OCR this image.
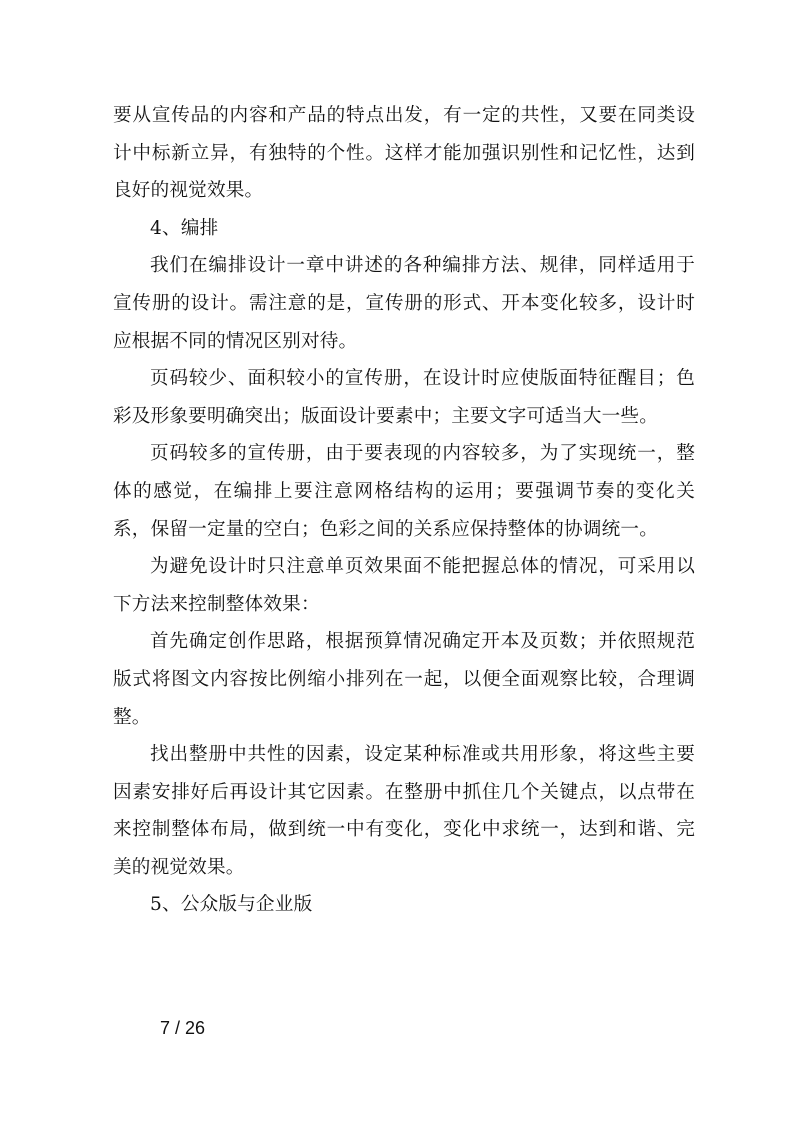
要从宣传品的内容和产品的特点出发，有一定的共性，又要在同类设计中标新立异，有独特的个性。这样才能加强识别性和记忆性，达到良好的视觉效果。

4、编排

我们在编排设计一章中讲述的各种编排方法、规律，同样适用于宣传册的设计。需注意的是，宣传册的形式、开本变化较多，设计时应根据不同的情况区别对待。

页码较少、面积较小的宣传册，在设计时应使版面特征醒目；色彩及形象要明确突出；版面设计要素中；主要文字可适当大一些。

页码较多的宣传册，由于要表现的内容较多，为了实现统一，整体的感觉，在编排上要注意网格结构的运用；要强调节奏的变化关系，保留一定量的空白；色彩之间的关系应保持整体的协调统一。

为避免设计时只注意单页效果面不能把握总体的情况，可采用以下方法来控制整体效果：

首先确定创作思路，根据预算情况确定开本及页数；并依照规范版式将图文内容按比例缩小排列在一起，以便全面观察比较，合理调整。

找出整册中共性的因素，设定某种标准或共用形象，将这些主要因素安排好后再设计其它因素。在整册中抓住几个关键点，以点带在来控制整体布局，做到统一中有变化，变化中求统一，达到和谐、完美的视觉效果。

5、公众版与企业版

7 / 26
